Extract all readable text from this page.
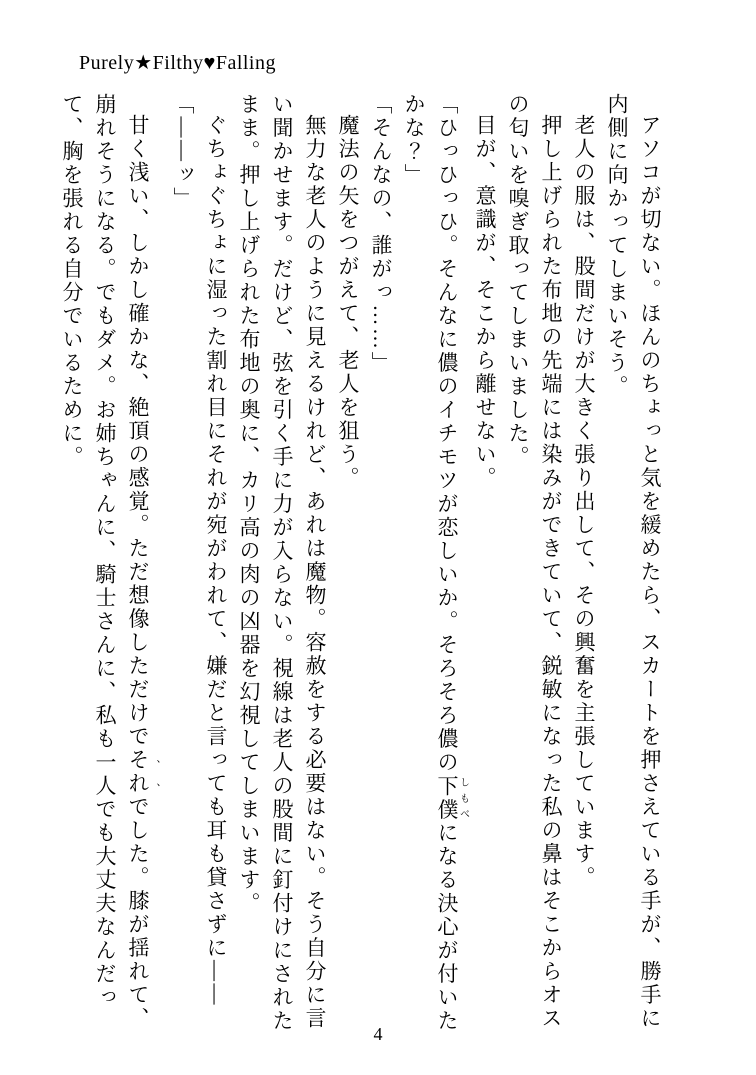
Purely★Filthy♥Falling

アソコが切ない。ほんのちょっと気を緩めたら、スカートを押さえている手が、勝手に内側に向かってしまいそう。

老人の服は、股間だけが大きく張り出して、その興奮を主張しています。

押し上げられた布地の先端には染みができていて、鋭敏になった私の鼻はそこからオスの匂いを嗅ぎ取ってしまいました。

目が、意識が、そこから離せない。

「ひっひっひ。そんなに儂のイチモツが恋しいか。そろそろ儂の下僕しもべになる決心が付いたかな？」

「そんなの、誰がっ……」

魔法の矢をつがえて、老人を狙う。

無力な老人のように見えるけれど、あれは魔物。容赦をする必要はない。そう自分に言い聞かせます。だけど、弦を引く手に力が入らない。視線は老人の股間に釘付けにされたまま。押し上げられた布地の奥に、カリ高の肉の凶器を幻視してしまいます。

ぐちょぐちょに湿った割れ目にそれが宛がわれて、嫌だと言っても耳も貸さずに——

「——ッ」

甘く浅い、しかし確かな、絶頂の感覚。ただ想像しただけでそれでした。膝が揺れて、崩れそうになる。でもダメ。お姉ちゃんに、騎士さんに、私も一人でも大丈夫なんだって、胸を張れる自分でいるために。

4
